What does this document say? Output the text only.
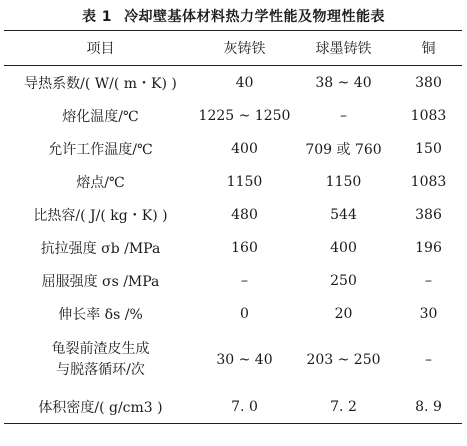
表 1 冷却壁基体材料热力学性能及物理性能表
项目	灰铸铁	球墨铸铁	铜
导热系数/( W/( m・K) )	40	38 ~ 40	380
熔化温度/℃	1225 ~ 1250	–	1083
允许工作温度/℃	400	709 或 760	150
熔点/℃	1150	1150	1083
比热容/( J/( kg・K) )	480	544	386
抗拉强度 σb /MPa	160	400	196
屈服强度 σs /MPa	–	250	–
伸长率 δs /%	0	20	30

龟裂前渣皮生成
与脱落循环/次	30 ~ 40	203 ~ 250	–
体积密度/( g/cm3 )	7. 0	7. 2	8. 9
